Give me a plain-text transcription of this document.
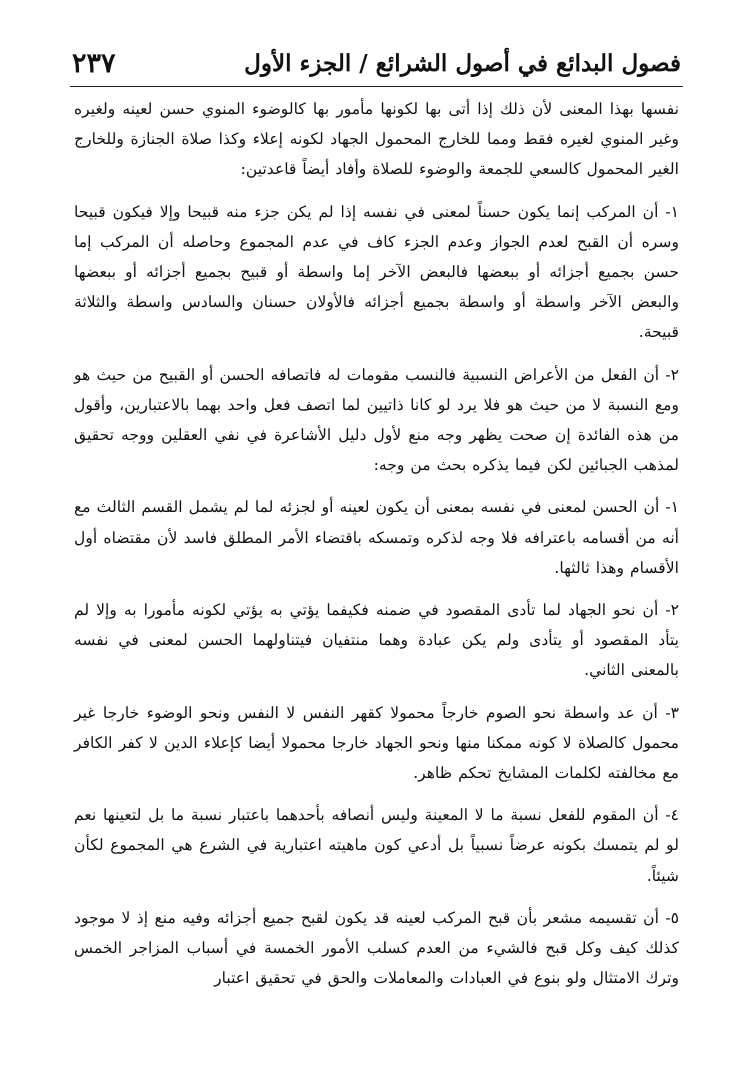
فصول البدائع في أصول الشرائع / الجزء الأول
٢٣٧

نفسها بهذا المعنى لأن ذلك إذا أتى بها لكونها مأمور بها كالوضوء المنوي حسن لعينه ولغيره وغير المنوي لغيره فقط ومما للخارج المحمول الجهاد لكونه إعلاء وكذا صلاة الجنازة وللخارج الغير المحمول كالسعي للجمعة والوضوء للصلاة وأفاد أيضاً قاعدتين:

١- أن المركب إنما يكون حسناً لمعنى في نفسه إذا لم يكن جزء منه قبيحا وإلا فيكون قبيحا وسره أن القبح لعدم الجواز وعدم الجزء كاف في عدم المجموع وحاصله أن المركب إما حسن بجميع أجزائه أو ببعضها فالبعض الآخر إما واسطة أو قبيح بجميع أجزائه أو ببعضها والبعض الآخر واسطة أو واسطة بجميع أجزائه فالأولان حسنان والسادس واسطة والثلاثة قبيحة.

٢- أن الفعل من الأعراض النسبية فالنسب مقومات له فاتصافه الحسن أو القبيح من حيث هو ومع النسبة لا من حيث هو فلا يرد لو كانا ذاتيين لما اتصف فعل واحد بهما بالاعتبارين، وأقول من هذه الفائدة إن صحت يظهر وجه منع لأول دليل الأشاعرة في نفي العقلين ووجه تحقيق لمذهب الجبائين لكن فيما يذكره بحث من وجه:

١- أن الحسن لمعنى في نفسه بمعنى أن يكون لعينه أو لجزئه لما لم يشمل القسم الثالث مع أنه من أقسامه باعترافه فلا وجه لذكره وتمسكه باقتضاء الأمر المطلق فاسد لأن مقتضاه أول الأقسام وهذا ثالثها.

٢- أن نحو الجهاد لما تأدى المقصود في ضمنه فكيفما يؤتي به يؤتي لكونه مأمورا به وإلا لم يتأد المقصود أو يتأدى ولم يكن عبادة وهما منتفيان فيتناولهما الحسن لمعنى في نفسه بالمعنى الثاني.

٣- أن عد واسطة نحو الصوم خارجاً محمولا كقهر النفس لا النفس ونحو الوضوء خارجا غير محمول كالصلاة لا كونه ممكنا منها ونحو الجهاد خارجا محمولا أيضا كإعلاء الدين لا كفر الكافر مع مخالفته لكلمات المشايخ تحكم ظاهر.

٤- أن المقوم للفعل نسبة ما لا المعينة وليس أنصافه بأحدهما باعتبار نسبة ما بل لتعينها نعم لو لم يتمسك بكونه عرضاً نسبياً بل أدعي كون ماهيته اعتبارية في الشرع هي المجموع لكأن شيئاً.

٥- أن تقسيمه مشعر بأن قبح المركب لعينه قد يكون لقبح جميع أجزائه وفيه منع إذ لا موجود كذلك كيف وكل قبح فالشيء من العدم كسلب الأمور الخمسة في أسباب المزاجر الخمس وترك الامتثال ولو بنوع في العبادات والمعاملات والحق في تحقيق اعتبار
